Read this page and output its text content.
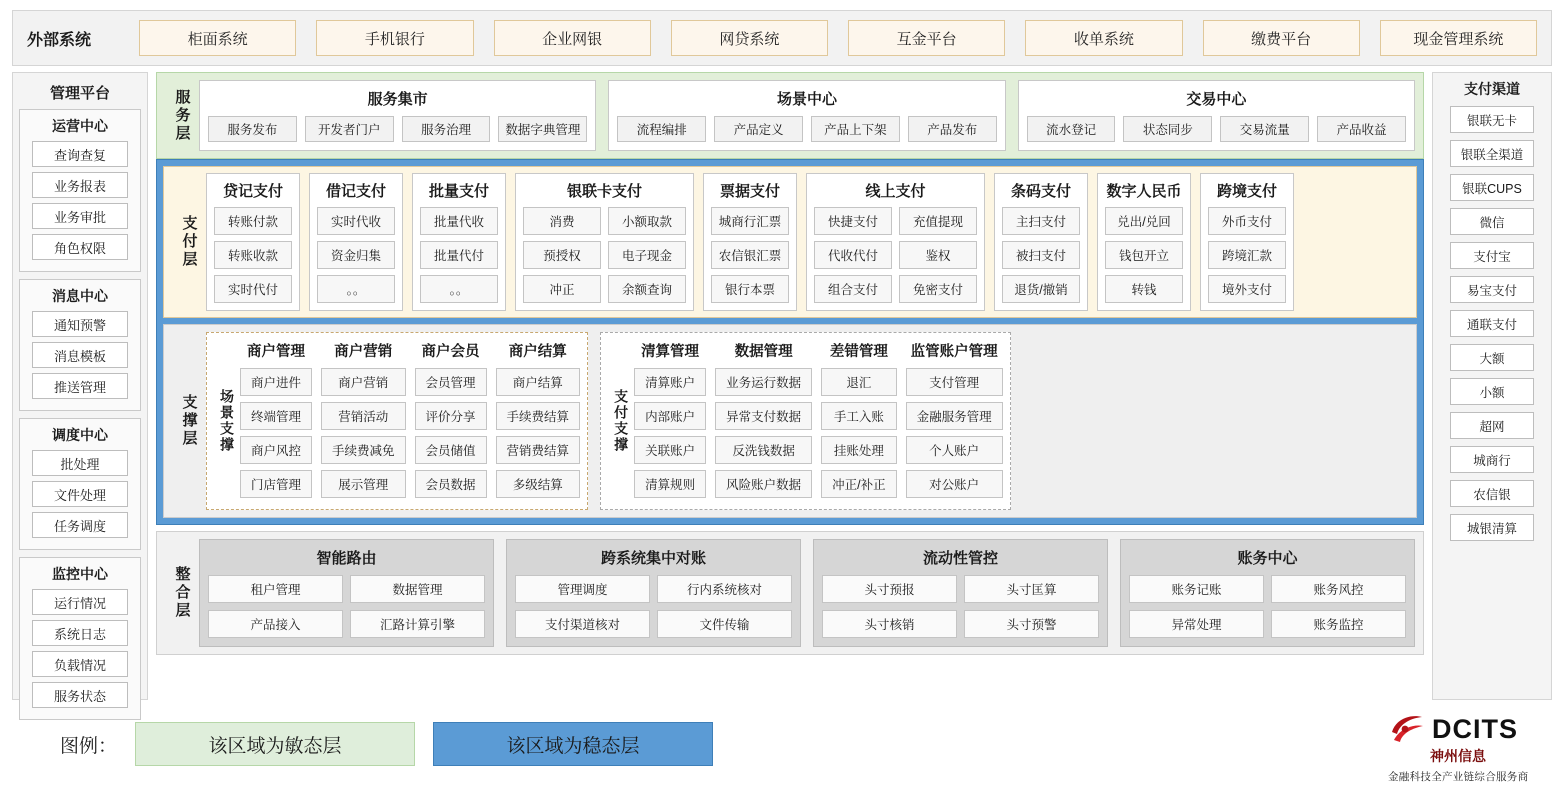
外部系统	柜面系统	手机银行	企业网银	网贷系统	互金平台	收单系统	缴费平台	现金管理系统
管理平台
运营中心
查询查复
业务报表
业务审批
角色权限
消息中心
通知预警
消息模板
推送管理
调度中心
批处理
文件处理
任务调度
监控中心
运行情况
系统日志
负载情况
服务状态
支付渠道
银联无卡
银联全渠道
银联CUPS
微信
支付宝
易宝支付
通联支付
大额
小额
超网
城商行
农信银
城银清算
服务层	服务集市
服务发布	开发者门户	服务治理	数据字典管理
场景中心
流程编排	产品定义	产品上下架	产品发布
交易中心
流水登记	状态同步	交易流量	产品收益
支付层
贷记支付
转账付款
转账收款
实时代付
借记支付
实时代收
资金归集
。。
批量支付
批量代收
批量代付
。。
银联卡支付
消费
预授权
冲正
小额取款
电子现金
余额查询
票据支付
城商行汇票
农信银汇票
银行本票
线上支付
快捷支付
代收代付
组合支付
充值提现
鉴权
免密支付
条码支付
主扫支付
被扫支付
退货/撤销
数字人民币
兑出/兑回
钱包开立
转钱
跨境支付
外币支付
跨境汇款
境外支付
支撑层	场景支撑
商户管理
商户进件
终端管理
商户风控
门店管理
商户营销
商户营销
营销活动
手续费减免
展示管理
商户会员
会员管理
评价分享
会员储值
会员数据
商户结算
商户结算
手续费结算
营销费结算
多级结算
支付支撑
清算管理
清算账户
内部账户
关联账户
清算规则
数据管理
业务运行数据
异常支付数据
反洗钱数据
风险账户数据
差错管理
退汇
手工入账
挂账处理
冲正/补正
监管账户管理
支付管理
金融服务管理
个人账户
对公账户
整合层
智能路由
租户管理	数据管理
产品接入	汇路计算引擎
跨系统集中对账
管理调度	行内系统核对
支付渠道核对	文件传输
流动性管控
头寸预报	头寸匡算
头寸核销	头寸预警
账务中心
账务记账	账务风控
异常处理	账务监控
图例：	该区域为敏态层	该区域为稳态层
DCITS
神州信息
金融科技全产业链综合服务商
